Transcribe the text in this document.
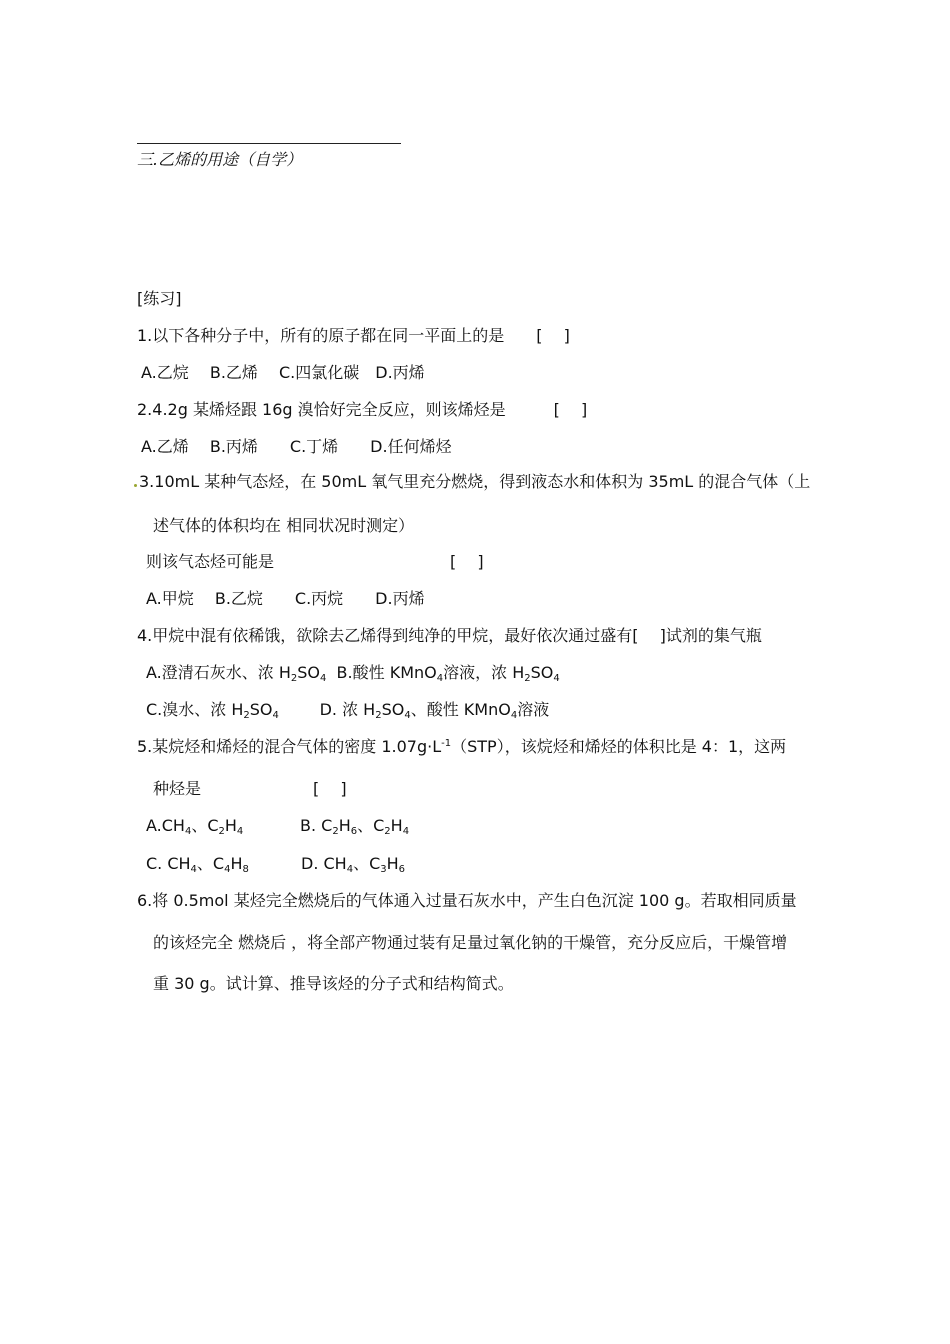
三.乙烯的用途（自学）
[练习]
1.以下各种分子中，所有的原子都在同一平面上的是　　[　 ]
A.乙烷　 B.乙烯　 C.四氯化碳　D.丙烯
2.4.2g 某烯烃跟 16g 溴恰好完全反应，则该烯烃是　　　[　 ]
A.乙烯　 B.丙烯　　C.丁烯　　D.任何烯烃
3.10mL 某种气态烃，在 50mL 氧气里充分燃烧，得到液态水和体积为 35mL 的混合气体（上
述气体的体积均在 相同状况时测定）
则该气态烃可能是　　　　　　　　　　　[　 ]
A.甲烷　 B.乙烷　　C.丙烷　　D.丙烯
4.甲烷中混有依稀饿，欲除去乙烯得到纯净的甲烷，最好依次通过盛有[　 ]试剂的集气瓶
A.澄清石灰水、浓 $H_2SO_4$  B.酸性 KMnO$_4$溶液，浓 $H_2SO_4$
C.溴水、浓 $H_2SO_4$        D. 浓 $H_2SO_4$、酸性 KMnO$_4$溶液
5.某烷烃和烯烃的混合气体的密度 $1.07g\cdot L^{-1}(STP)$，该烷烃和烯烃的体积比是 4：1，这两
种烃是　　　　　　　[　 ]
$A.CH_4$、$C_2H_4$	B. $C_2H_6$、$C_2H_4$
C. $CH_4$、$C_4H_8$	D. $CH_4$、$C_3H_6$
6.将 0.5mol 某烃完全燃烧后的气体通入过量石灰水中，产生白色沉淀 100 g。若取相同质量
的该烃完全 燃烧后 ，将全部产物通过装有足量过氧化钠的干燥管，充分反应后，干燥管增
重 30 g。试计算、推导该烃的分子式和结构简式。
